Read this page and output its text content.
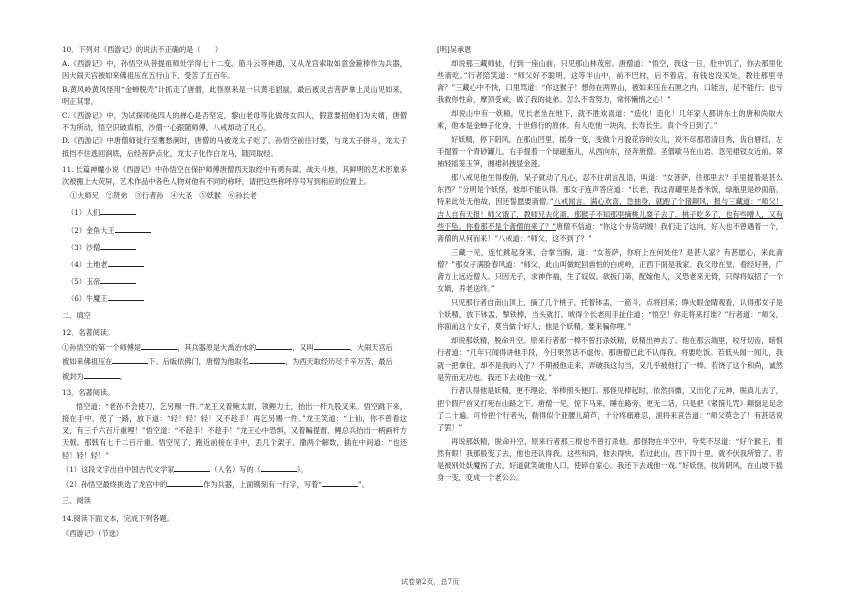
10．下列对《西游记》的说法不正确的是（　　）

A.《西游记》中，孙悟空从菩提祖师处学得七十二变、筋斗云等神通，又从龙宫索取如意金箍棒作为兵器，因大闹天宫被如来佛祖压在五行山下，受苦了五百年。

B.黄风岭黄风怪用“金蝉脱壳”计抓走了唐僧，此怪原来是一只黄毛貂鼠，最后被灵吉菩萨拿上灵山见如来，明正其罪。

C.《西游记》中，为试探师徒四人的禅心是否坚定，黎山老母等化做母女四人，假意要招他们为夫婿，唐僧不为所动，悟空识破真相，沙僧一心跟随师傅，八戒却动了凡心。

D.《西游记》中唐僧师徒行至鹰愁涧时，唐僧的马被龙太子吃了。孙悟空前往讨要，与龙太子拼斗，龙太子抵挡不住逃回涧底，后经菩萨点化，龙太子化作白龙马，随同取经。

11. 长篇神魔小说《西游记》中孙悟空在保护师傅唐僧西天取经中有勇有谋，战天斗地，其鲜明的艺术形象多次被搬上大荧屏，艺术作品中各色人物对他有不同的称呼，请把这些称呼序号写到相应的位置上。

①大师兄　②贤弟　③行者孙　④大圣　⑤妖猴　⑥孙长老

（1）人们
（2）金角大王
（3）沙僧
（4）土地老
（5）玉帝
（6）牛魔王

二、填空

12．名著阅读。

①孙悟空的第一个师傅是	，其兵器原是大禹治水的	，又叫	，大闹天宫后

被如来佛祖压在	下。后皈依佛门，唐僧为他取名	，为西天取经历尽千辛万苦，最后

被封为	。

13．名著阅读。

悟空道：“老孙不会使刀，乞另赐一件。”龙王又着鲍太尉，领鲤力士，抬出一杆九股叉来。悟空跳下来，接在手中，使了一路，放下道：“轻！轻！轻！又不趁手！再乞另赐一件。”龙王笑道：“上仙，你不曾看这叉，有三千六百斤重哩！”悟空道：“不趁手！不趁手！”龙王心中恐惧，又着鳊提督、鲤总兵抬出一柄画杆方天戟。那戟有七千二百斤重。悟空见了，跑近前接在手中，丢几个架子，撒两个解数，插在中间道：“也还轻！轻！轻！”

（1）这段文字出自中国古代文学家	（人名）写的《	》。

（2）孙悟空最终挑选了龙宫中的	作为兵器，上面镌刻有一行字，写着“	”。

三、阅读

14.阅读下面文本，完成下列各题。

《西游记》（节选）

[明]吴承恩

却说那三藏师徒，行到一座山前，只见那山林茂密。唐僧道：“悟空，我这一日，肚中饥了，你去那里化些斋吃。”行者陪笑道：“师父好不聪明，这等半山中，前不巴村，后不着店，有钱也没买处，教往那里寻斋？”三藏心中不快，口里骂道：“你这猴子！想你在两界山，被如来压在石匣之内，口能言，足不能行；也亏我救你性命，摩顶受戒，做了我的徒弟。怎么不肯努力，常怀懒惰之心！”

却说山中有一妖精，见长老坐在地下，就不胜欢喜道：“造化！造化！几年家人都讲东土的唐和尚取大乘，他本是金蝉子化身，十世修行的原体。有人吃他一块肉，长寿长生。真个今日到了。”

好妖精，停下阴风，在那山凹里，摇身一变，变做个月貌花容的女儿，说不尽那眉清目秀，齿白唇红，左手提着一个青砂罐儿，右手提着一个绿磁瓶儿，从西向东，径奔唐僧。圣僧歇马在山岩，忽见裙钗女近前。翠袖轻摇笼玉笋，湘裙斜拽显金莲。

那八戒见他生得俊俏，呆子就动了凡心，忍不住胡言乱语，叫道：“女菩萨，往那里去？手里提着是甚么东西？”分明是个妖怪，他却不能认得。那女子连声答应道：“长老，我这青罐里是香米饭，绿瓶里是炒面筋，特来此处无他故，因还誓愿要斋僧。”八戒闻言，满心欢喜，急抽身，就跑了个猪颠风，报与三藏道：“师父！吉人自有天报！师父饿了，教师兄去化斋，那猴子不知那里摘桃儿耍子去了。桃子吃多了，也有些嘈人，又有些下坠。你看那不是个斋僧的来了？”唐僧不信道：“你这个夯货胡缠！我们走了这向，好人也不曾遇着一个，斋僧的从何而来！”八戒道：“师父，这不到了？”

三藏一见，连忙跳起身来，合掌当胸，道：“女菩萨，你府上在何处住？是甚人家？有甚愿心，来此斋僧？”那女子满脸春风道：“师父，此山叫做蛇回兽怕的白虎岭，正西下面是我家。我父母在堂，看经好善，广斋方上远近僧人。只因无子，求神作福，生了奴奴。欲扳门第，配嫁他人，又恐老来无倚，只得将奴招了一个女婿，养老送终。”

只见那行者自南山顶上，摘了几个桃子，托着钵盂，一筋斗，点将回来；睁火眼金睛观看，认得那女子是个妖精，放下钵盂，掣铁棒，当头就打。唬得个长老用手扯住道：“悟空！你走将来打谁？”行者道：“师父，你面前这个女子，莫当做个好人；他是个妖精，要来骗你哩。”

却说那妖精，脱命升空。原来行者那一棒不曾打杀妖精，妖精出神去了。他在那云端里，咬牙切齿，暗恨行者道：“几年只闻得讲他手段，今日果然话不虚传。那唐僧已此不认得我，将要吃饭。若低头闻一闻儿，我就一把拿住，却不是我的人了？不期被他走来，弄破我这勾当，又几乎被他打了一棒。若饶了这个和尚，诚然是劳而无功也。我还下去戏他一戏。”

行者认得他是妖精，更不理论，举棒照头便打。那怪见棒起时，依然抖擞，又出化了元神，脱真儿去了，把个假尸首又打死在山路之下。唐僧一见，惊下马来，睡在路旁，更无二话，只是把《紧箍儿咒》颠倒足足念了二十遍。可怜把个行者头，勒得似个亚腰儿葫芦，十分疼痛难忍，滚将来哀告道：“师父莫念了！有甚话说了罢！”

再说那妖精，脱命升空，原来行者那三棍也不曾打杀他。那怪物在半空中，夸奖不尽道：“好个猴王，着然有眼！我那般变了去，他也还认得我。这些和尚，他去得快，若过此山，西下四十里，就不伏我所管了。若是被别处妖魔拐了去，好道就笑破他人口，使碎自家心。我还下去戏他一戏。”好妖怪，按耸阴风，在山坡下摇身一变，变成一个老公公。

试卷第2页，总7页
